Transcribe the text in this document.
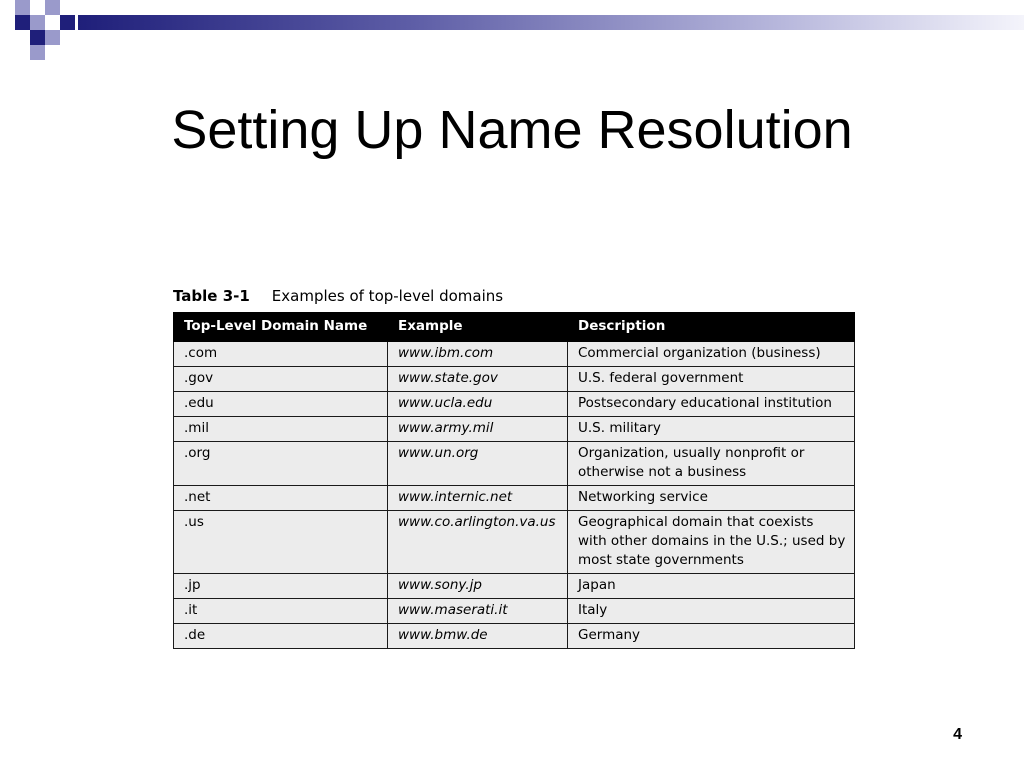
Setting Up Name Resolution
Table 3-1 Examples of top-level domains
Top-Level Domain Name	Example	Description
.com	www.ibm.com	Commercial organization (business)
.gov	www.state.gov	U.S. federal government
.edu	www.ucla.edu	Postsecondary educational institution
.mil	www.army.mil	U.S. military
.org	www.un.org	Organization, usually nonprofit or otherwise not a business
.net	www.internic.net	Networking service
.us	www.co.arlington.va.us	Geographical domain that coexists with other domains in the U.S.; used by most state governments
.jp	www.sony.jp	Japan
.it	www.maserati.it	Italy
.de	www.bmw.de	Germany
4
